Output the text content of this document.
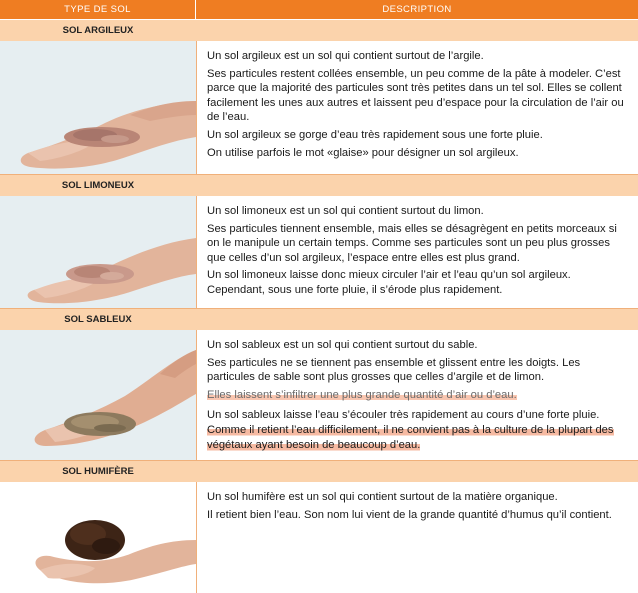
TYPE DE SOL	DESCRIPTION
SOL ARGILEUX

Un sol argileux est un sol qui contient surtout de l’argile.

Ses particules restent collées ensemble, un peu comme de la pâte à modeler. C’est parce que la majorité des particules sont très petites dans un tel sol. Elles se collent facilement les unes aux autres et laissent peu d’espace pour la circulation de l’air ou de l’eau.

Un sol argileux se gorge d’eau très rapidement sous une forte pluie.

On utilise parfois le mot «glaise» pour désigner un sol argileux.

SOL LIMONEUX

Un sol limoneux est un sol qui contient surtout du limon.

Ses particules tiennent ensemble, mais elles se désagrègent en petits morceaux si on le manipule un certain temps. Comme ses particules sont un peu plus grosses que celles d’un sol argileux, l’espace entre elles est plus grand.

Un sol limoneux laisse donc mieux circuler l’air et l’eau qu’un sol argileux. Cependant, sous une forte pluie, il s’érode plus rapidement.

SOL SABLEUX

Un sol sableux est un sol qui contient surtout du sable.

Ses particules ne se tiennent pas ensemble et glissent entre les doigts. Les particules de sable sont plus grosses que celles d’argile et de limon.

Elles laissent s’infiltrer une plus grande quantité d’air ou d’eau.

Un sol sableux laisse l’eau s’écouler très rapidement au cours d’une forte pluie.

Comme il retient l’eau difficilement, il ne convient pas à la culture de la plupart des végétaux ayant besoin de beaucoup d’eau.

SOL HUMIFÈRE

Un sol humifère est un sol qui contient surtout de la matière organique.

Il retient bien l’eau. Son nom lui vient de la grande quantité d’humus qu’il contient.
